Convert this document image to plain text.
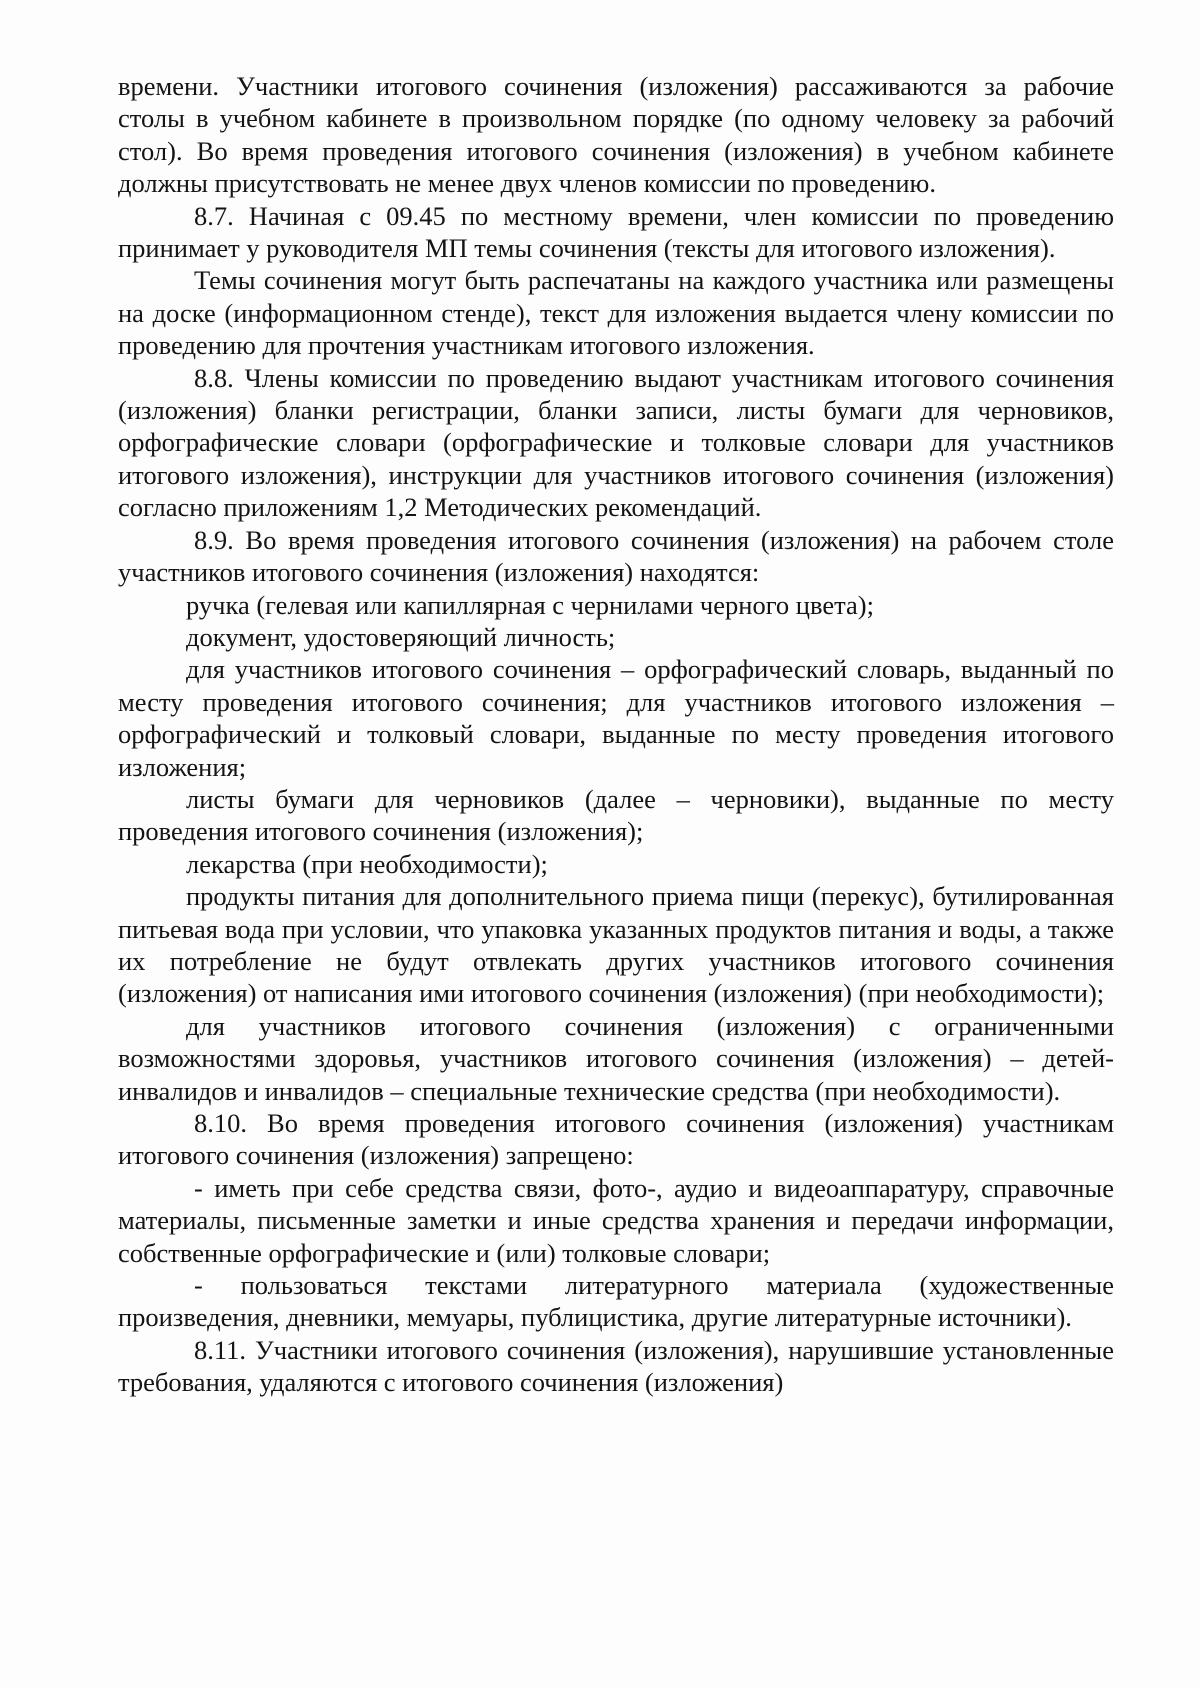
времени. Участники итогового сочинения (изложения) рассаживаются за рабочие столы в учебном кабинете в произвольном порядке (по одному человеку за рабочий стол). Во время проведения итогового сочинения (изложения) в учебном кабинете должны присутствовать не менее двух членов комиссии по проведению.

8.7. Начиная с 09.45 по местному времени, член комиссии по проведению принимает у руководителя МП темы сочинения (тексты для итогового изложения).

Темы сочинения могут быть распечатаны на каждого участника или размещены на доске (информационном стенде), текст для изложения выдается члену комиссии по проведению для прочтения участникам итогового изложения.

8.8. Члены комиссии по проведению выдают участникам итогового сочинения (изложения) бланки регистрации, бланки записи, листы бумаги для черновиков, орфографические словари (орфографические и толковые словари для участников итогового изложения), инструкции для участников итогового сочинения (изложения) согласно приложениям 1,2 Методических рекомендаций.

8.9. Во время проведения итогового сочинения (изложения) на рабочем столе участников итогового сочинения (изложения) находятся:

ручка (гелевая или капиллярная с чернилами черного цвета);

документ, удостоверяющий личность;

для участников итогового сочинения – орфографический словарь, выданный по месту проведения итогового сочинения; для участников итогового изложения – орфографический и толковый словари, выданные по месту проведения итогового изложения;

листы бумаги для черновиков (далее – черновики), выданные по месту проведения итогового сочинения (изложения);

лекарства (при необходимости);

продукты питания для дополнительного приема пищи (перекус), бутилированная питьевая вода при условии, что упаковка указанных продуктов питания и воды, а также их потребление не будут отвлекать других участников итогового сочинения (изложения) от написания ими итогового сочинения (изложения) (при необходимости);

для участников итогового сочинения (изложения) с ограниченными возможностями здоровья, участников итогового сочинения (изложения) – детей-инвалидов и инвалидов – специальные технические средства (при необходимости).

8.10. Во время проведения итогового сочинения (изложения) участникам итогового сочинения (изложения) запрещено:

- иметь при себе средства связи, фото-, аудио и видеоаппаратуру, справочные материалы, письменные заметки и иные средства хранения и передачи информации, собственные орфографические и (или) толковые словари;

- пользоваться текстами литературного материала (художественные произведения, дневники, мемуары, публицистика, другие литературные источники).

8.11. Участники итогового сочинения (изложения), нарушившие установленные требования, удаляются с итогового сочинения (изложения)
